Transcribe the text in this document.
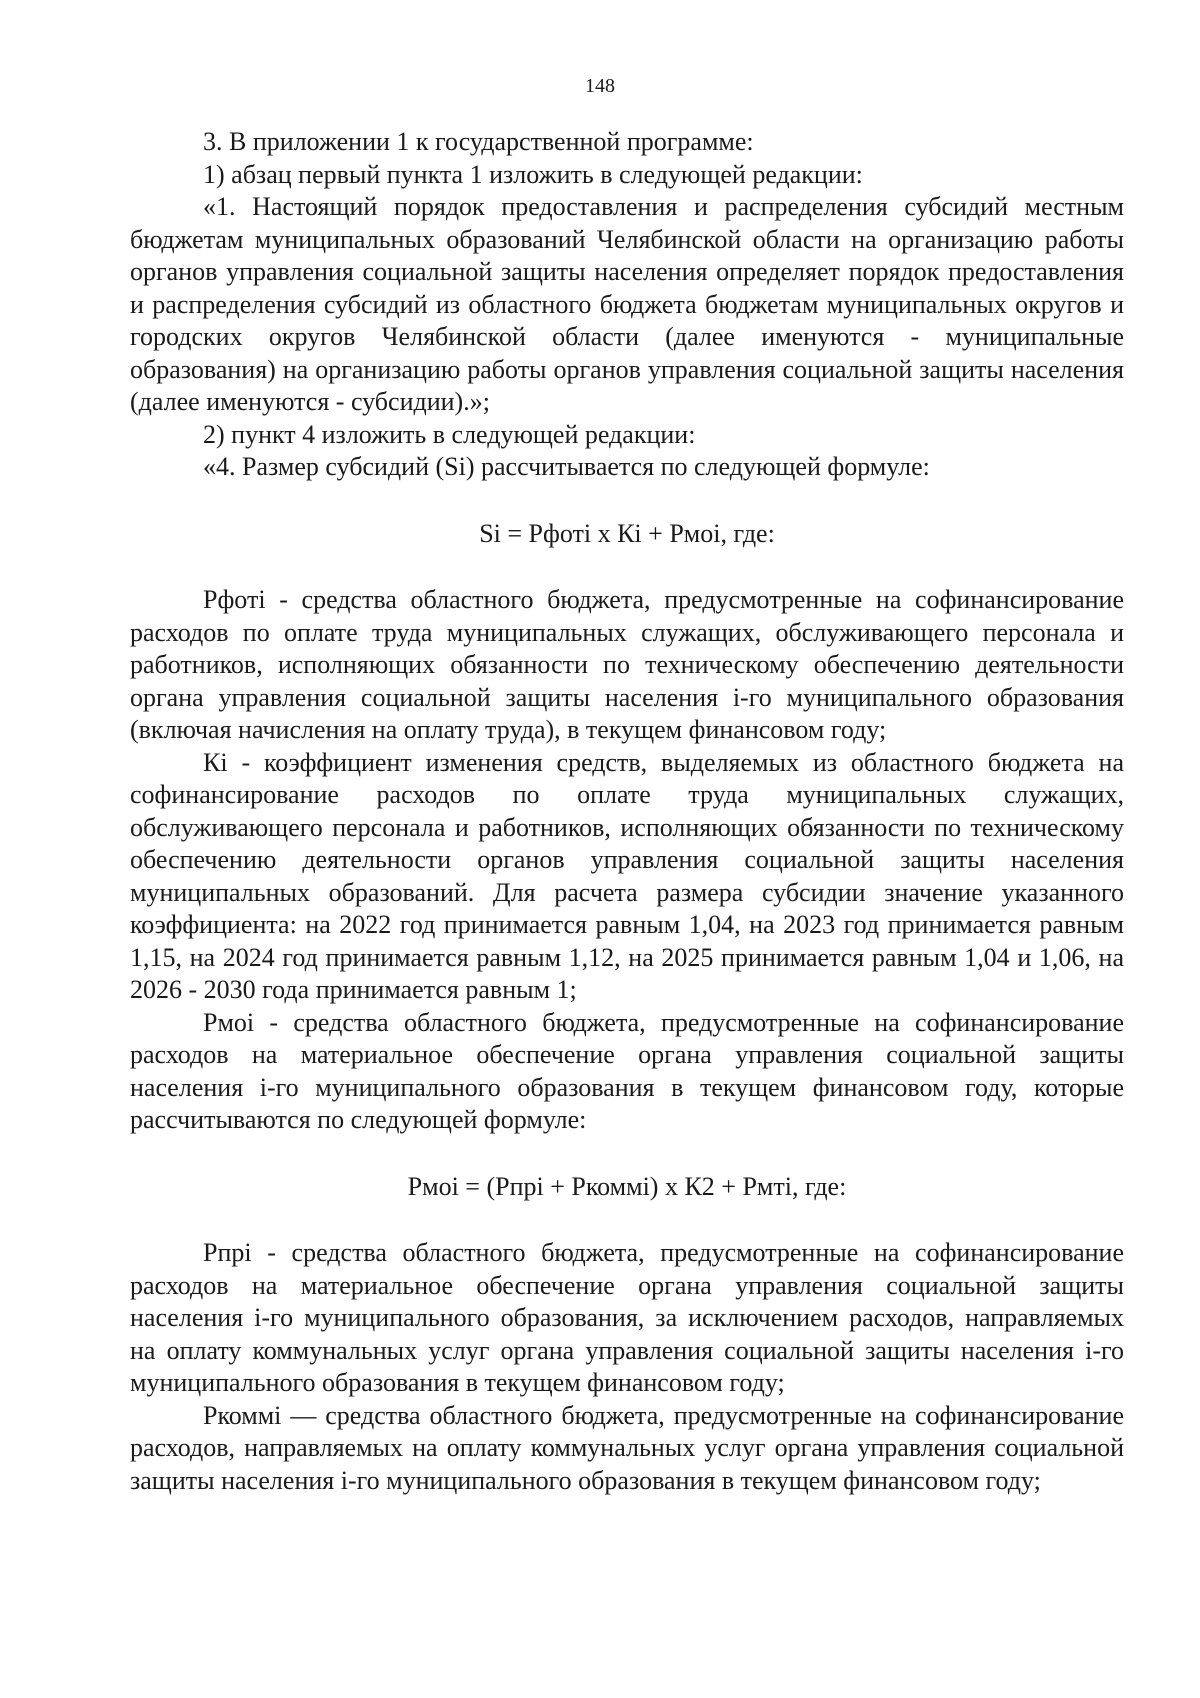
148

3. В приложении 1 к государственной программе:

1) абзац первый пункта 1 изложить в следующей редакции:

«1. Настоящий порядок предоставления и распределения субсидий местным бюджетам муниципальных образований Челябинской области на организацию работы органов управления социальной защиты населения определяет порядок предоставления и распределения субсидий из областного бюджета бюджетам муниципальных округов и городских округов Челябинской области (далее именуются - муниципальные образования) на организацию работы органов управления социальной защиты населения (далее именуются - субсидии).»;

2) пункт 4 изложить в следующей редакции:

«4. Размер субсидий (Si) рассчитывается по следующей формуле:

Si = Рфотi х Кi + Рмоi, где:

Рфотi - средства областного бюджета, предусмотренные на софинансирование расходов по оплате труда муниципальных служащих, обслуживающего персонала и работников, исполняющих обязанности по техническому обеспечению деятельности органа управления социальной защиты населения i-го муниципального образования (включая начисления на оплату труда), в текущем финансовом году;

Кi - коэффициент изменения средств, выделяемых из областного бюджета на софинансирование расходов по оплате труда муниципальных служащих, обслуживающего персонала и работников, исполняющих обязанности по техническому обеспечению деятельности органов управления социальной защиты населения муниципальных образований. Для расчета размера субсидии значение указанного коэффициента: на 2022 год принимается равным 1,04, на 2023 год принимается равным 1,15, на 2024 год принимается равным 1,12, на 2025 принимается равным 1,04 и 1,06, на 2026 - 2030 года принимается равным 1;

Рмоi - средства областного бюджета, предусмотренные на софинансирование расходов на материальное обеспечение органа управления социальной защиты населения i-го муниципального образования в текущем финансовом году, которые рассчитываются по следующей формуле:

Рмоi = (Рпрi + Ркоммi) х К2 + Рмтi, где:

Рпрi - средства областного бюджета, предусмотренные на софинансирование расходов на материальное обеспечение органа управления социальной защиты населения i-го муниципального образования, за исключением расходов, направляемых на оплату коммунальных услуг органа управления социальной защиты населения i-го муниципального образования в текущем финансовом году;

Ркоммi — средства областного бюджета, предусмотренные на софинансирование расходов, направляемых на оплату коммунальных услуг органа управления социальной защиты населения i-го муниципального образования в текущем финансовом году;
